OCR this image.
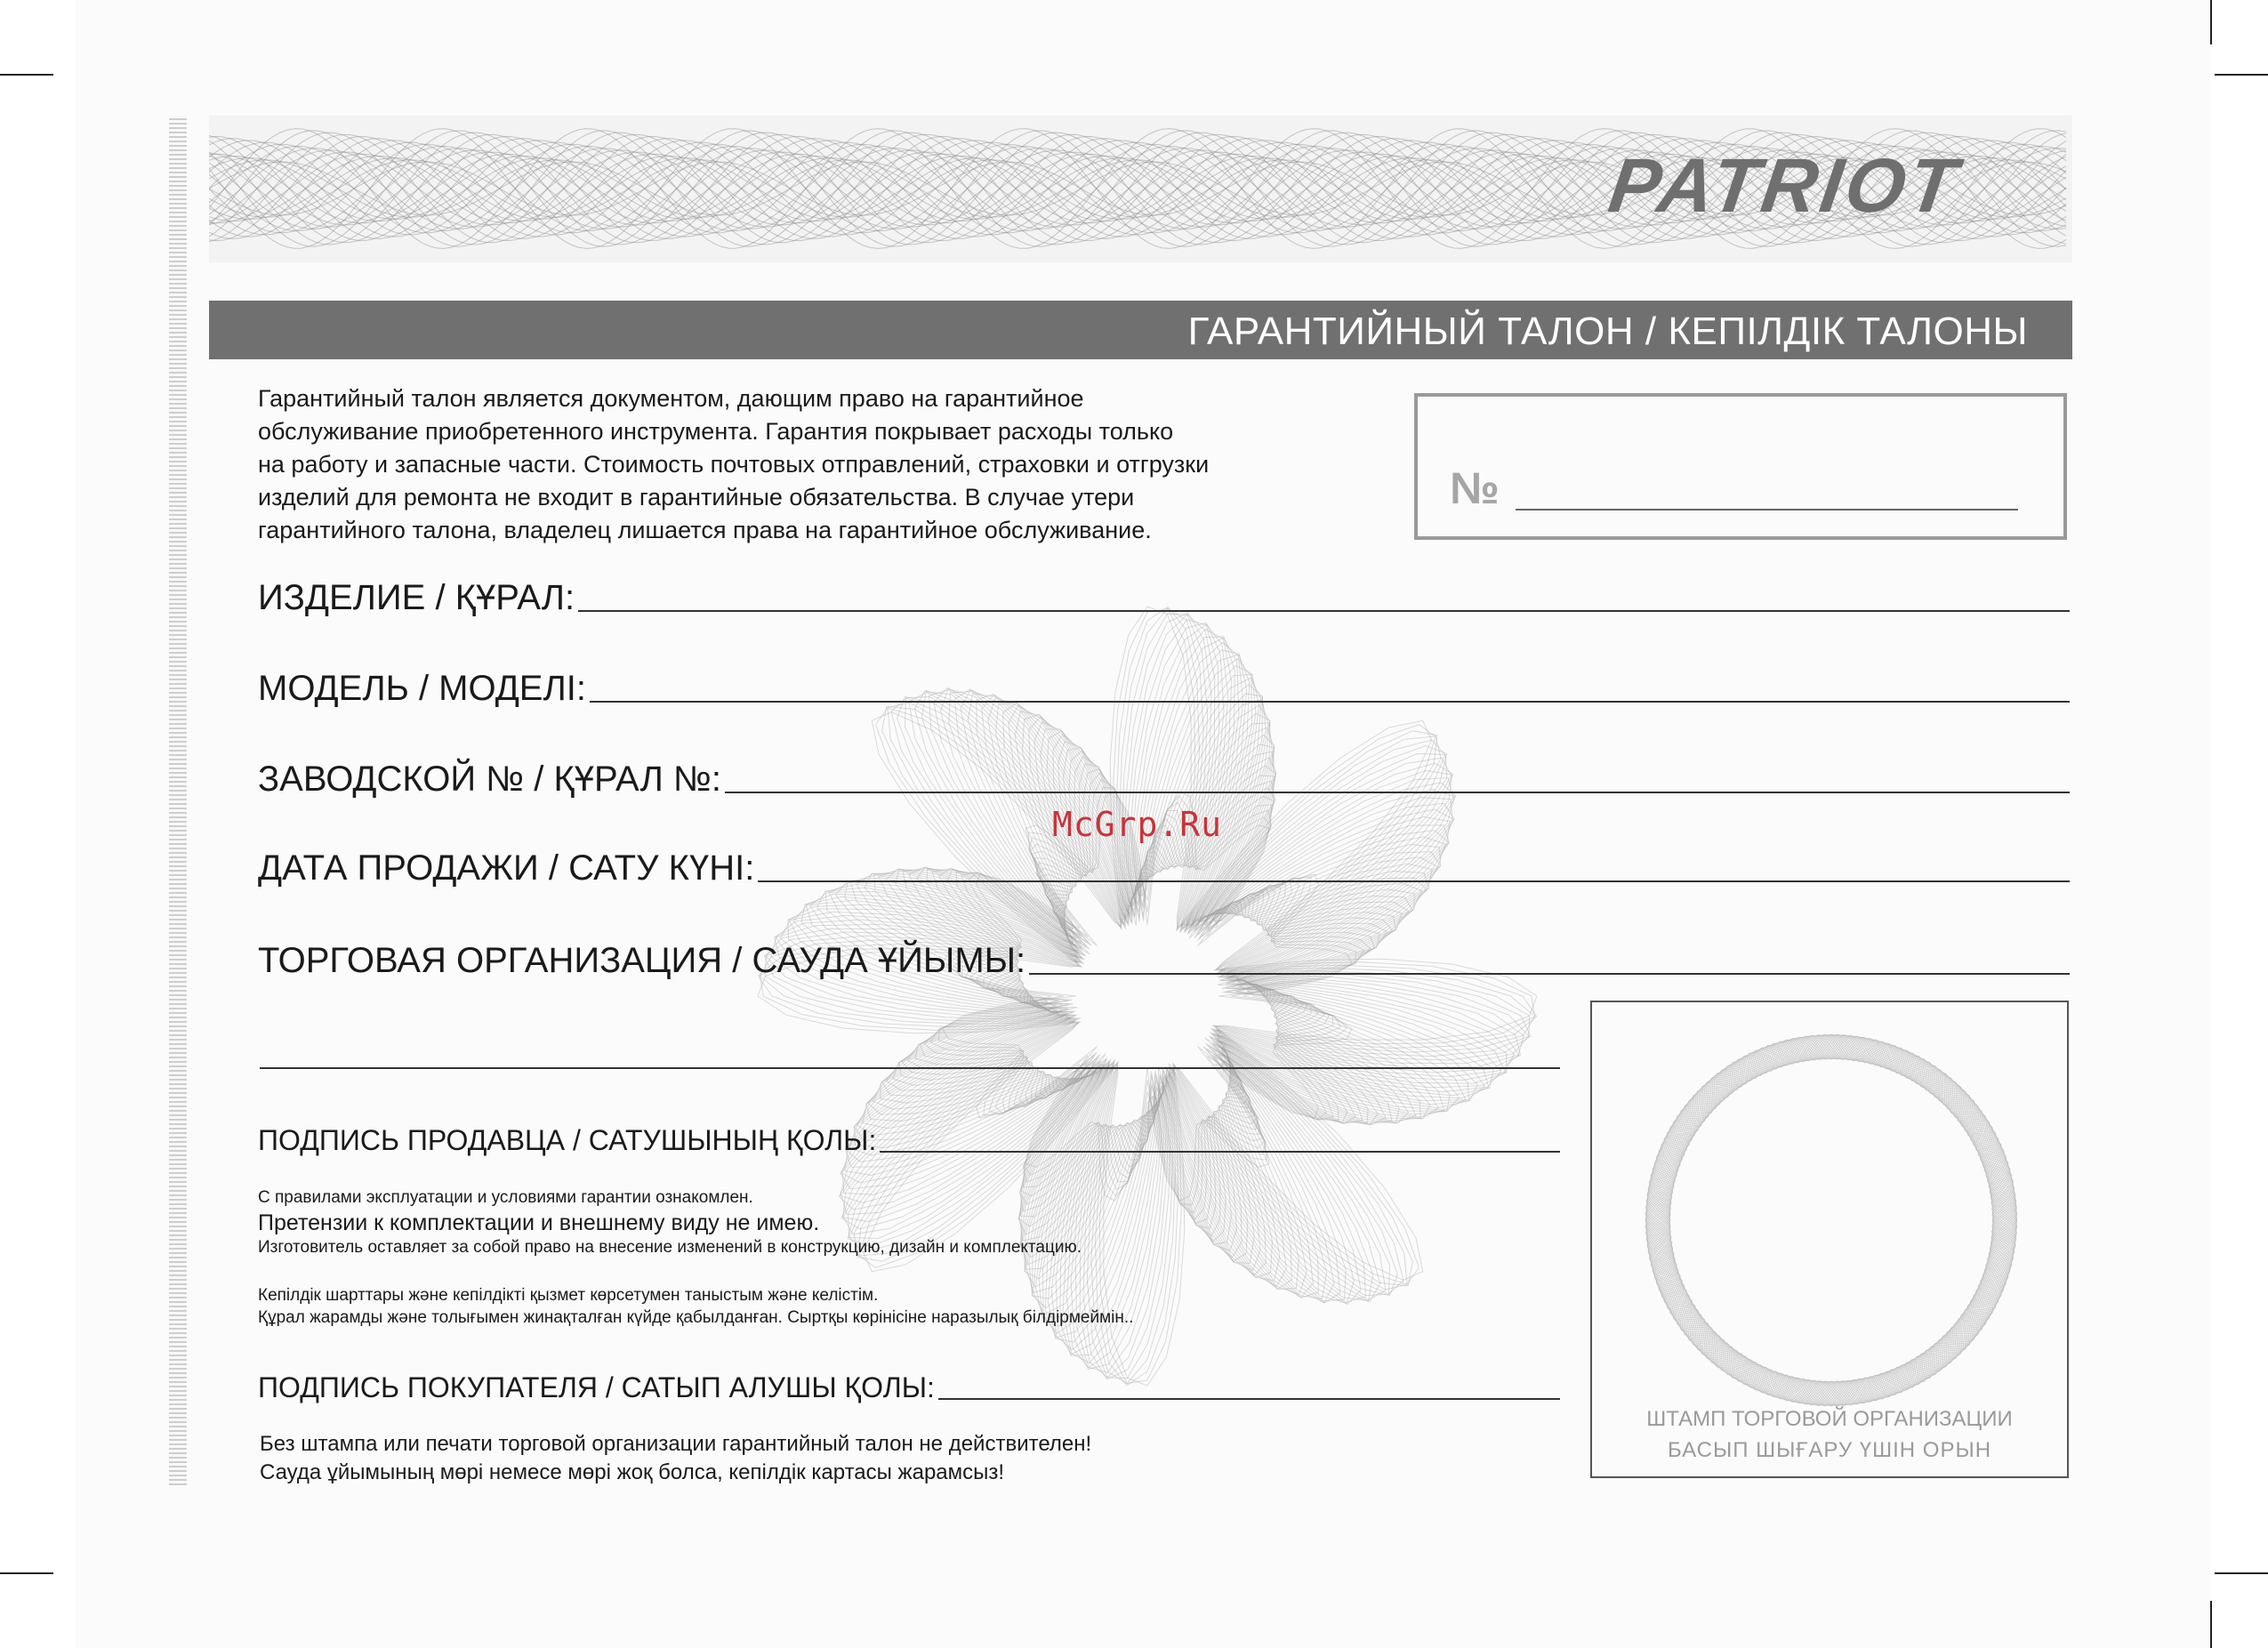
PATRIOT
ГАРАНТИЙНЫЙ ТАЛОН / КЕПІЛДІК ТАЛОНЫ
Гарантийный талон является документом, дающим право на гарантийное
обслуживание приобретенного инструмента. Гарантия покрывает расходы только
на работу и запасные части. Стоимость почтовых отправлений, страховки и отгрузки
изделий для ремонта не входит в гарантийные обязательства. В случае утери
гарантийного талона, владелец лишается права на гарантийное обслуживание.
№
ИЗДЕЛИЕ / ҚҰРАЛ:
МОДЕЛЬ / МОДЕЛІ:
ЗАВОДСКОЙ № / ҚҰРАЛ №:
ДАТА ПРОДАЖИ / САТУ КҮНІ:
ТОРГОВАЯ ОРГАНИЗАЦИЯ / САУДА ҰЙЫМЫ:
ПОДПИСЬ ПРОДАВЦА / САТУШЫНЫҢ ҚОЛЫ:
С правилами эксплуатации и условиями гарантии ознакомлен.
Претензии к комплектации и внешнему виду не имею.
Изготовитель оставляет за собой право на внесение изменений в конструкцию, дизайн и комплектацию.
Кепілдік шарттары және кепілдікті қызмет көрсетумен таныстым және келістім.
Құрал жарамды және толығымен жинақталған күйде қабылданған. Сыртқы көрінісіне наразылық білдірмеймін..
ПОДПИСЬ ПОКУПАТЕЛЯ / САТЫП АЛУШЫ ҚОЛЫ:
Без штампа или печати торговой организации гарантийный талон не действителен!
Сауда ұйымының мөрі немесе мөрі жоқ болса, кепілдік картасы жарамсыз!
ШТАМП ТОРГОВОЙ ОРГАНИЗАЦИИ
БАСЫП ШЫҒАРУ ҮШІН ОРЫН
McGrp.Ru
